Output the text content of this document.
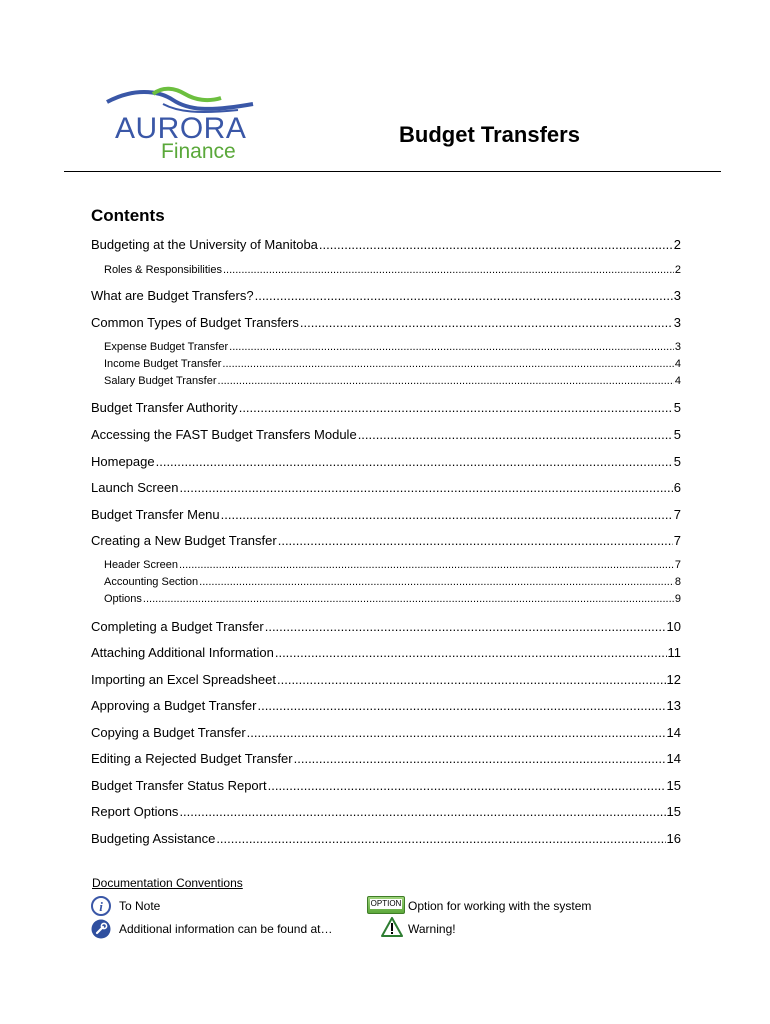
AURORA
Finance
Budget Transfers
Contents
Budgeting at the University of Manitoba .....	2
Roles & Responsibilities .....	2
What are Budget Transfers? .....	3
Common Types of Budget Transfers .....	3
Expense Budget Transfer .....	3
Income Budget Transfer .....	4
Salary Budget Transfer .....	4
Budget Transfer Authority .....	5
Accessing the FAST Budget Transfers Module .....	5
Homepage .....	5
Launch Screen .....	6
Budget Transfer Menu .....	7
Creating a New Budget Transfer .....	7
Header Screen .....	7
Accounting Section .....	8
Options .....	9
Completing a Budget Transfer .....	10
Attaching Additional Information .....	11
Importing an Excel Spreadsheet .....	12
Approving a Budget Transfer .....	13
Copying a Budget Transfer .....	14
Editing a Rejected Budget Transfer .....	14
Budget Transfer Status Report .....	15
Report Options .....	15
Budgeting Assistance .....	16
Documentation Conventions
i To Note
Additional information can be found at…
OPTION Option for working with the system
Warning!
